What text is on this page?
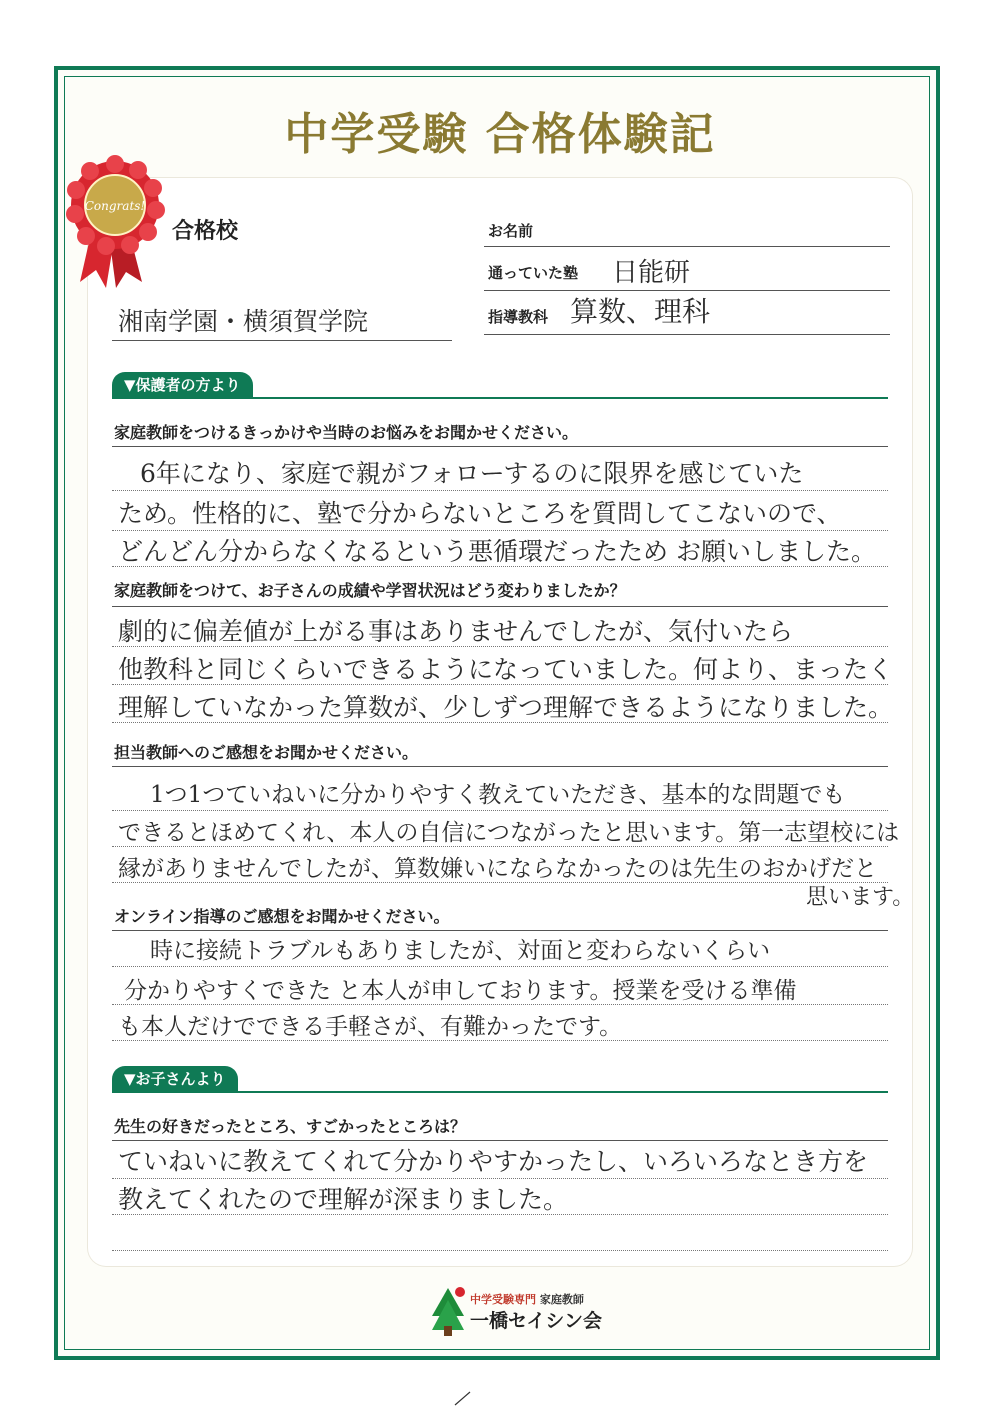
中学受験 合格体験記
Congrats!
合格校
湘南学園・横須賀学院
お名前
通っていた塾 日能研
指導教科 算数、理科
▼保護者の方より
家庭教師をつけるきっかけや当時のお悩みをお聞かせください。
6年になり、家庭で親がフォローするのに限界を感じていた
ため。性格的に、塾で分からないところを質問してこないので、
どんどん分からなくなるという悪循環だったため お願いしました。
家庭教師をつけて、お子さんの成績や学習状況はどう変わりましたか？
劇的に偏差値が上がる事はありませんでしたが、気付いたら
他教科と同じくらいできるようになっていました。何より、まったく
理解していなかった算数が、少しずつ理解できるようになりました。
担当教師へのご感想をお聞かせください。
1つ1つていねいに分かりやすく教えていただき、基本的な問題でも
できるとほめてくれ、本人の自信につながったと思います。第一志望校には
縁がありませんでしたが、算数嫌いにならなかったのは先生のおかげだと
思います。
オンライン指導のご感想をお聞かせください。
時に接続トラブルもありましたが、対面と変わらないくらい
分かりやすくできた と本人が申しております。授業を受ける準備
も本人だけでできる手軽さが、有難かったです。
▼お子さんより
先生の好きだったところ、すごかったところは？
ていねいに教えてくれて分かりやすかったし、いろいろなとき方を
教えてくれたので理解が深まりました。
中学受験専門 家庭教師
一橋セイシン会
